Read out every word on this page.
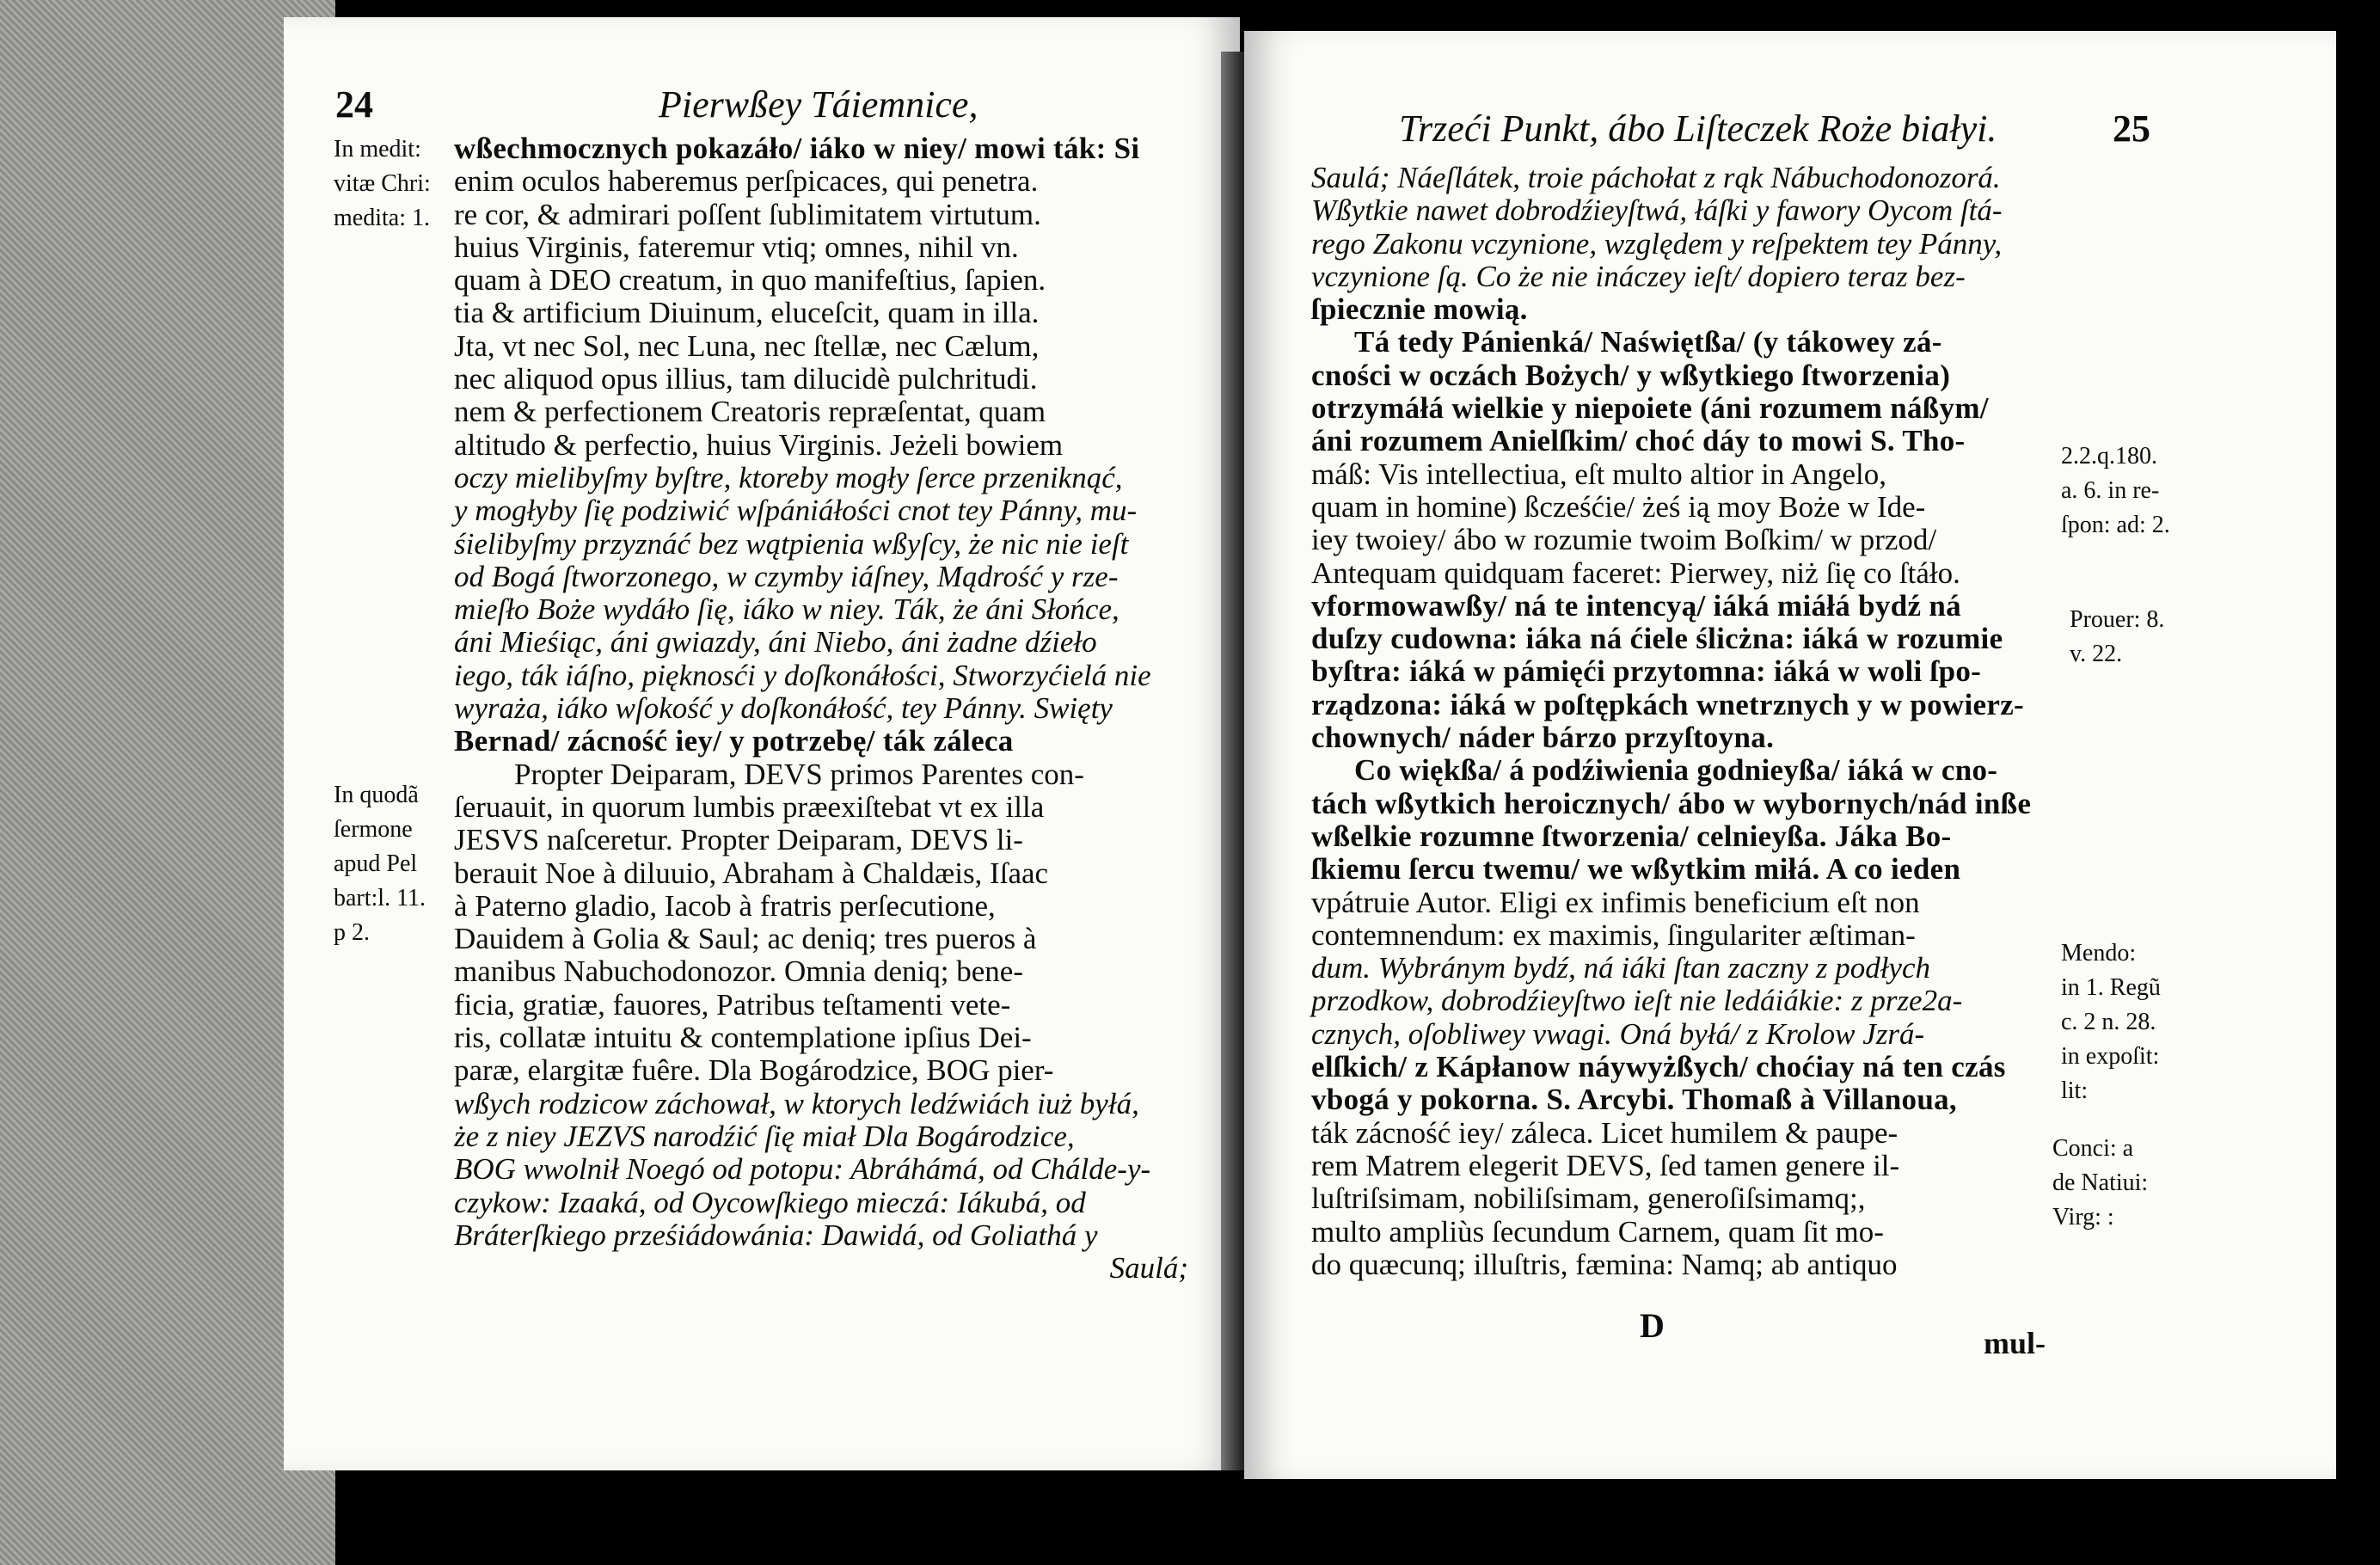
24	Pierwßey Táiemnice,
In medit:
vitæ Chri:
medita: 1.
In quodã
ſermone
apud Pel
bart:l. 11.
p 2.
wßechmocznych pokazáło/ iáko w niey/ mowi ták: Si
enim oculos haberemus perſpicaces, qui penetra.
re cor, & admirari poſſent ſublimitatem virtutum.
huius Virginis, fateremur vtiq; omnes, nihil vn.
quam à DEO creatum, in quo manifeſtius, ſapien.
tia & artificium Diuinum, eluceſcit, quam in illa.
Jta, vt nec Sol, nec Luna, nec ſtellæ, nec Cælum,
nec aliquod opus illius, tam dilucidè pulchritudi.
nem & perfectionem Creatoris repræſentat, quam
altitudo & perfectio, huius Virginis. Jeżeli bowiem
oczy mielibyſmy byſtre, ktoreby mogły ſerce przeniknąć,
y mogłyby ſię podziwić wſpániáłości cnot tey Pánny, mu-
śielibyſmy przyznáć bez wątpienia wßyſcy, że nic nie ieſt
od Bogá ſtworzonego, w czymby iáſney, Mądrość y rze-
mieſło Boże wydáło ſię, iáko w niey. Ták, że áni Słońce,
áni Mieśiąc, áni gwiazdy, áni Niebo, áni żadne dźieło
iego, ták iáſno, pięknosći y doſkonáłości, Stworzyćielá nie
wyraża, iáko wſokość y doſkonáłość, tey Pánny. Swięty
Bernad/ zácność iey/ y potrzebę/ ták záleca
Propter Deiparam, DEVS primos Parentes con-
ſeruauit, in quorum lumbis præexiſtebat vt ex illa
JESVS naſceretur. Propter Deiparam, DEVS li-
berauit Noe à diluuio, Abraham à Chaldæis, Iſaac
à Paterno gladio, Iacob à fratris perſecutione,
Dauidem à Golia & Saul; ac deniq; tres pueros à
manibus Nabuchodonozor. Omnia deniq; bene-
ficia, gratiæ, fauores, Patribus teſtamenti vete-
ris, collatæ intuitu & contemplatione ipſius Dei-
paræ, elargitæ fuêre. Dla Bogárodzice, BOG pier-
wßych rodzicow záchował, w ktorych ledźwiách iuż byłá,
że z niey JEZVS narodźić ſię miał Dla Bogárodzice,
BOG wwolnił Noegó od potopu: Abráhámá, od Chálde-y-
czykow: Izaaká, od Oycowſkiego mieczá: Iákubá, od
Bráterſkiego prześiádowánia: Dawidá, od Goliathá y
Saulá;
Trzeći Punkt, ábo Liſteczek Roże białyi.	25
2.2.q.180.
a. 6. in re-
ſpon: ad: 2.
Prouer: 8.
v. 22.
Mendo:
in 1. Regũ
c. 2 n. 28.
in expoſit:
lit:
Conci: a
de Natiui:
Virg: :
Saulá; Náeſlátek, troie páchołat z rąk Nábuchodonozorá.
Wßytkie nawet dobrodźieyſtwá, łáſki y fawory Oycom ſtá-
rego Zakonu vczynione, względem y reſpektem tey Pánny,
vczynione ſą. Co że nie ináczey ieſt/ dopiero teraz bez-
ſpiecznie mowią.
Tá tedy Pánienká/ Naświętßa/ (y tákowey zá-
cności w oczách Bożych/ y wßytkiego ſtworzenia)
otrzymáłá wielkie y niepoiete (áni rozumem náßym/
áni rozumem Anielſkim/ choć dáy to mowi S. Tho-
máß: Vis intellectiua, eſt multo altior in Angelo,
quam in homine) ßcześćie/ żeś ią moy Boże w Ide-
iey twoiey/ ábo w rozumie twoim Boſkim/ w przod/
Antequam quidquam faceret: Pierwey, niż ſię co ſtáło.
vformowawßy/ ná te intencyą/ iáká miáłá bydź ná
duſzy cudowna: iáka ná ćiele ślicżna: iáká w rozumie
byſtra: iáká w pámięći przytomna: iáká w woli ſpo-
rządzona: iáká w poſtępkách wnetrznych y w powierz-
chownych/ náder bárzo przyſtoyna.
Co więkßa/ á podźiwienia godnieyßa/ iáká w cno-
tách wßytkich heroicznych/ ábo w wybornych/nád inße
wßelkie rozumne ſtworzenia/ celnieyßa. Jáka Bo-
ſkiemu ſercu twemu/ we wßytkim miłá. A co ieden
vpátruie Autor. Eligi ex infimis beneficium eſt non
contemnendum: ex maximis, ſingulariter æſtiman-
dum. Wybránym bydź, ná iáki ſtan zaczny z podłych
przodkow, dobrodźieyſtwo ieſt nie ledáiákie: z prze2a-
cznych, oſobliwey vwagi. Oná byłá/ z Krolow Jzrá-
elſkich/ z Kápłanow náywyżßych/ choćiay ná ten czás
vbogá y pokorna. S. Arcybi. Thomaß à Villanoua,
ták zácność iey/ záleca. Licet humilem & paupe-
rem Matrem elegerit DEVS, ſed tamen genere il-
luſtriſsimam, nobiliſsimam, generoſiſsimamq;,
multo ampliùs ſecundum Carnem, quam ſit mo-
do quæcunq; illuſtris, fæmina: Namq; ab antiquo
D	mul-
